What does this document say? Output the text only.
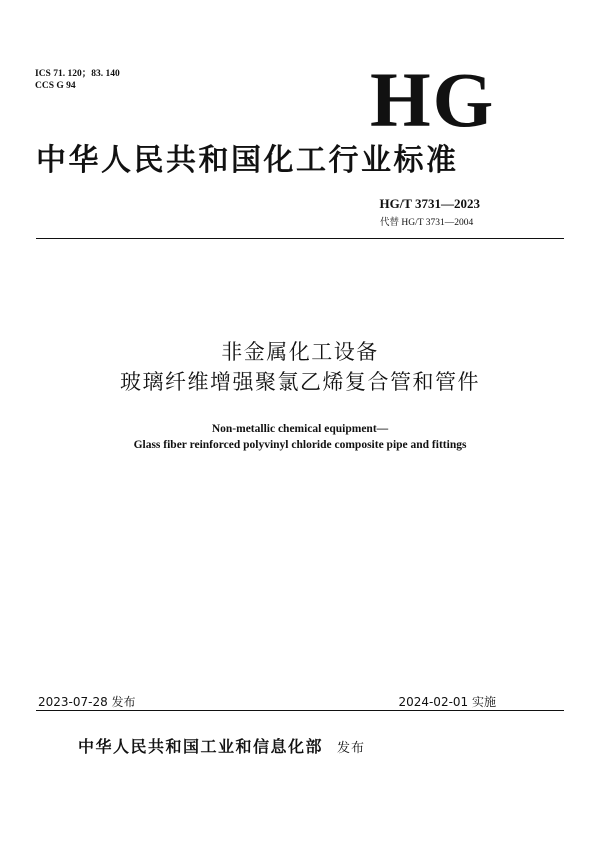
ICS 71. 120；83. 140
CCS G 94	HG
中华人民共和国化工行业标准
HG/T 3731—2023
代替 HG/T 3731—2004
非金属化工设备
玻璃纤维增强聚氯乙烯复合管和管件
Non-metallic chemical equipment—
Glass fiber reinforced polyvinyl chloride composite pipe and fittings
2023-07-28 发布	2024-02-01 实施
中华人民共和国工业和信息化部 发布
